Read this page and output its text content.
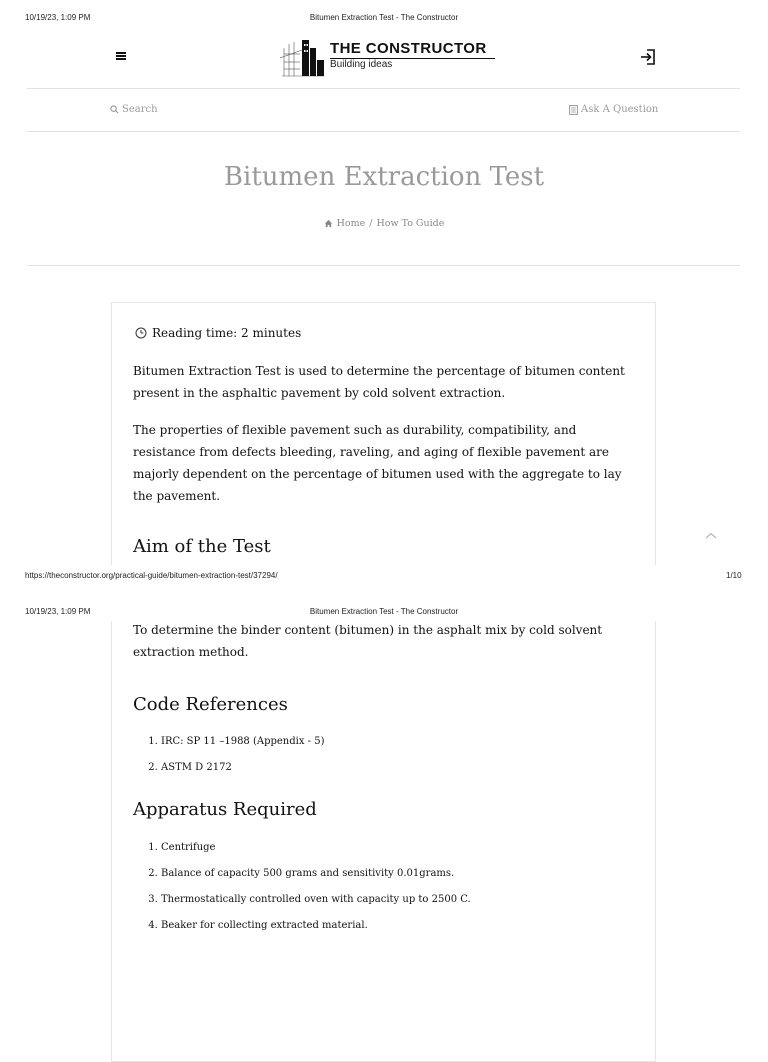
10/19/23, 1:09 PM	Bitumen Extraction Test - The Constructor
THE CONSTRUCTOR
Building ideas
Search	Ask A Question
Bitumen Extraction Test
Home / How To Guide
Reading time: 2 minutes
Bitumen Extraction Test is used to determine the percentage of bitumen content present in the asphaltic pavement by cold solvent extraction.
The properties of flexible pavement such as durability, compatibility, and resistance from defects bleeding, raveling, and aging of flexible pavement are majorly dependent on the percentage of bitumen used with the aggregate to lay the pavement.
Aim of the Test
https://theconstructor.org/practical-guide/bitumen-extraction-test/37294/	1/10
10/19/23, 1:09 PM	Bitumen Extraction Test - The Constructor
To determine the binder content (bitumen) in the asphalt mix by cold solvent extraction method.
Code References
1. IRC: SP 11 –1988 (Appendix - 5)
2. ASTM D 2172
Apparatus Required
1. Centrifuge
2. Balance of capacity 500 grams and sensitivity 0.01grams.
3. Thermostatically controlled oven with capacity up to 2500 C.
4. Beaker for collecting extracted material.
